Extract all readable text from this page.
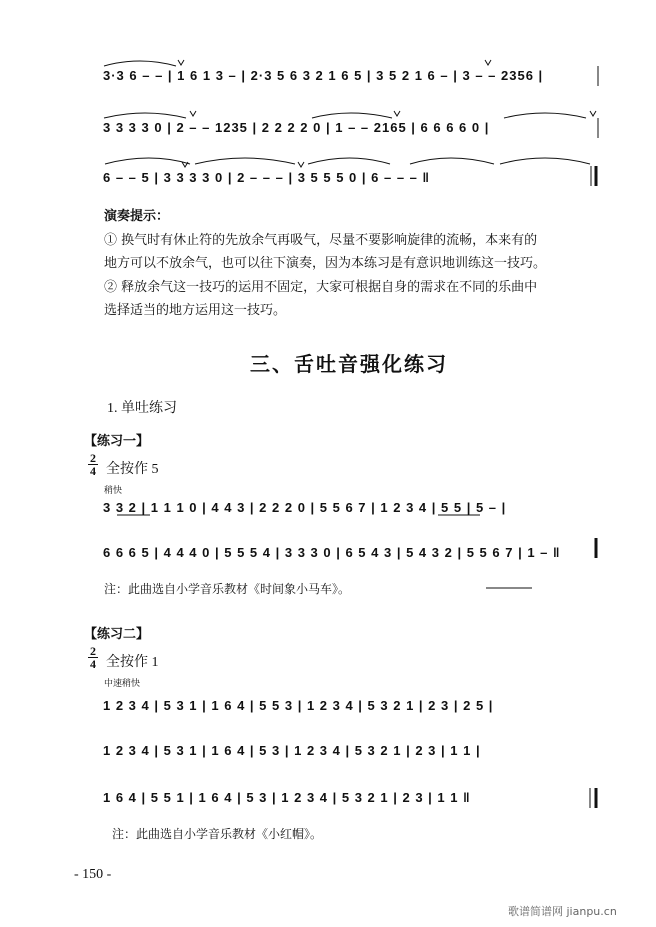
3·3 6 – – | 1 6 1 3 – | 2·3 5 6 3 2 1 6 5 | 3 5 2 1 6 – | 3 – – 2356 |
3 3 3 3 0 | 2 – – 1235 | 2 2 2 2 0 | 1 – – 2165 | 6 6 6 6 0 |
6 – – 5 | 3 3 3 3 0 | 2 – – – | 3 5 5 5 0 | 6 – – – ‖
演奏提示：
① 换气时有休止符的先放余气再吸气，尽量不要影响旋律的流畅，本来有的
地方可以不放余气，也可以往下演奏，因为本练习是有意识地训练这一技巧。
② 释放余气这一技巧的运用不固定，大家可根据自身的需求在不同的乐曲中
选择适当的地方运用这一技巧。
三、舌吐音强化练习
1. 单吐练习
【练习一】
$\frac{2}{4}$ 全按作 5
稍快
3 3 2 | 1 1 1 0 | 4 4 3 | 2 2 2 0 | 5 5 6 7 | 1 2 3 4 | 5 5 | 5 – |
6 6 6 5 | 4 4 4 0 | 5 5 5 4 | 3 3 3 0 | 6 5 4 3 | 5 4 3 2 | 5 5 6 7 | 1 – ‖
注：此曲选自小学音乐教材《时间象小马车》。
【练习二】
$\frac{2}{4}$ 全按作 1
中速稍快
1 2 3 4 | 5 3 1 | 1 6 4 | 5 5 3 | 1 2 3 4 | 5 3 2 1 | 2 3 | 2 5 |
1 2 3 4 | 5 3 1 | 1 6 4 | 5 3 | 1 2 3 4 | 5 3 2 1 | 2 3 | 1 1 |
1 6 4 | 5 5 1 | 1 6 4 | 5 3 | 1 2 3 4 | 5 3 2 1 | 2 3 | 1 1 ‖
注：此曲选自小学音乐教材《小红帽》。
- 150 -
歌谱简谱网 jianpu.cn
